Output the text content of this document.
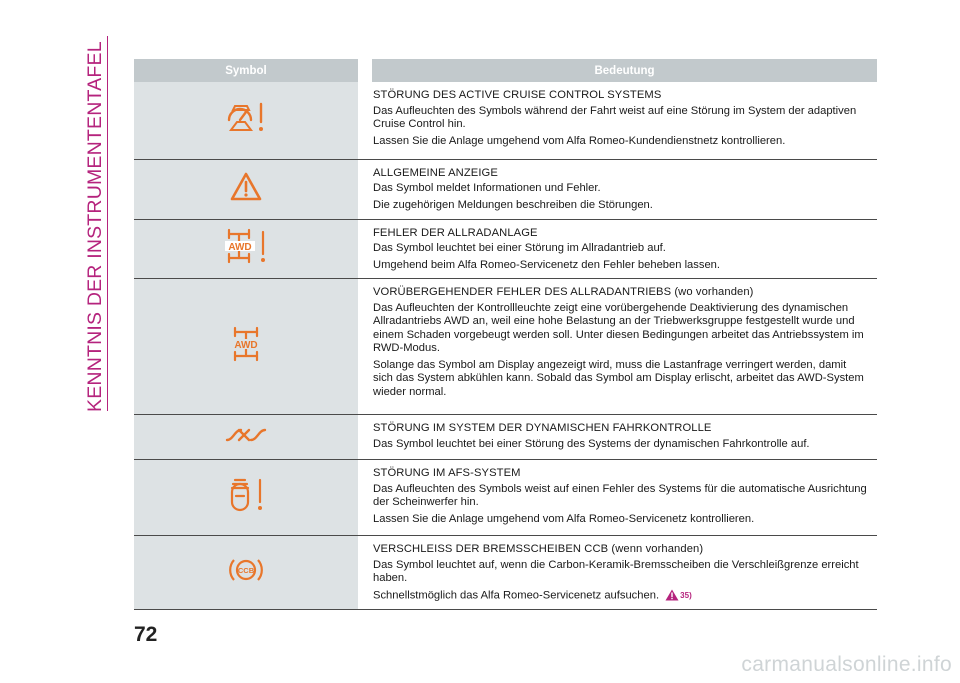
KENNTNIS DER INSTRUMENTENTAFEL	Symbol		Bedeutung

STÖRUNG DES ACTIVE CRUISE CONTROL SYSTEMS
Das Aufleuchten des Symbols während der Fahrt weist auf eine Störung im System der adaptiven Cruise Control hin.
Lassen Sie die Anlage umgehend vom Alfa Romeo-Kundendienstnetz kontrollieren.

ALLGEMEINE ANZEIGE
Das Symbol meldet Informationen und Fehler.
Die zugehörigen Meldungen beschreiben die Störungen.

AWD		FEHLER DER ALLRADANLAGE
Das Symbol leuchtet bei einer Störung im Allradantrieb auf.
Umgehend beim Alfa Romeo-Servicenetz den Fehler beheben lassen.

AWD		VORÜBERGEHENDER FEHLER DES ALLRADANTRIEBS (wo vorhanden)
Das Aufleuchten der Kontrollleuchte zeigt eine vorübergehende Deaktivierung des dynamischen Allradantriebs AWD an, weil eine hohe Belastung an der Triebwerksgruppe festgestellt wurde und einem Schaden vorgebeugt werden soll. Unter diesen Bedingungen arbeitet das Antriebssystem im RWD-Modus.
Solange das Symbol am Display angezeigt wird, muss die Lastanfrage verringert werden, damit sich das System abkühlen kann. Sobald das Symbol am Display erlischt, arbeitet das AWD-System wieder normal.

STÖRUNG IM SYSTEM DER DYNAMISCHEN FAHRKONTROLLE
Das Symbol leuchtet bei einer Störung des Systems der dynamischen Fahrkontrolle auf.

STÖRUNG IM AFS-SYSTEM
Das Aufleuchten des Symbols weist auf einen Fehler des Systems für die automatische Ausrichtung der Scheinwerfer hin.
Lassen Sie die Anlage umgehend vom Alfa Romeo-Servicenetz kontrollieren.

CCB		VERSCHLEISS DER BREMSSCHEIBEN CCB (wenn vorhanden)
Das Symbol leuchtet auf, wenn die Carbon-Keramik-Bremsscheiben die Verschleißgrenze erreicht haben.
Schnellstmöglich das Alfa Romeo-Servicenetz aufsuchen. 35)
72
carmanualsonline.info
